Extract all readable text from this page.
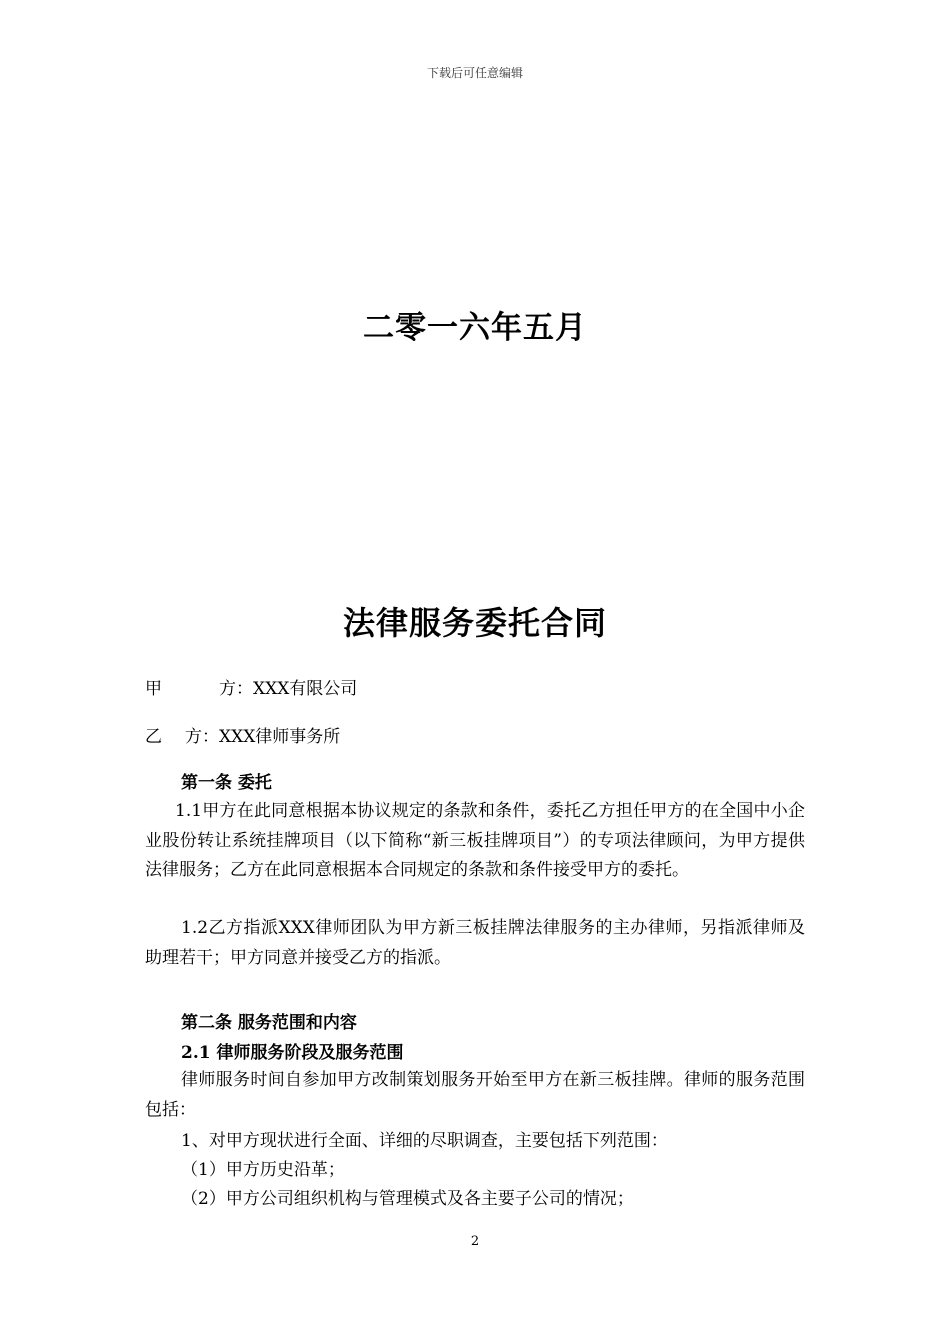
下载后可任意编辑
二零一六年五月
法律服务委托合同
甲	方：XXX有限公司
乙 方：XXX律师事务所
第一条 委托
1.1甲方在此同意根据本协议规定的条款和条件，委托乙方担任甲方的在全国中小企业股份转让系统挂牌项目（以下简称“新三板挂牌项目”）的专项法律顾问，为甲方提供法律服务；乙方在此同意根据本合同规定的条款和条件接受甲方的委托。
1.2乙方指派XXX律师团队为甲方新三板挂牌法律服务的主办律师，另指派律师及助理若干；甲方同意并接受乙方的指派。
第二条 服务范围和内容
2.1 律师服务阶段及服务范围
律师服务时间自参加甲方改制策划服务开始至甲方在新三板挂牌。律师的服务范围包括：
1、对甲方现状进行全面、详细的尽职调查，主要包括下列范围：
（1）甲方历史沿革；
（2）甲方公司组织机构与管理模式及各主要子公司的情况；
2
